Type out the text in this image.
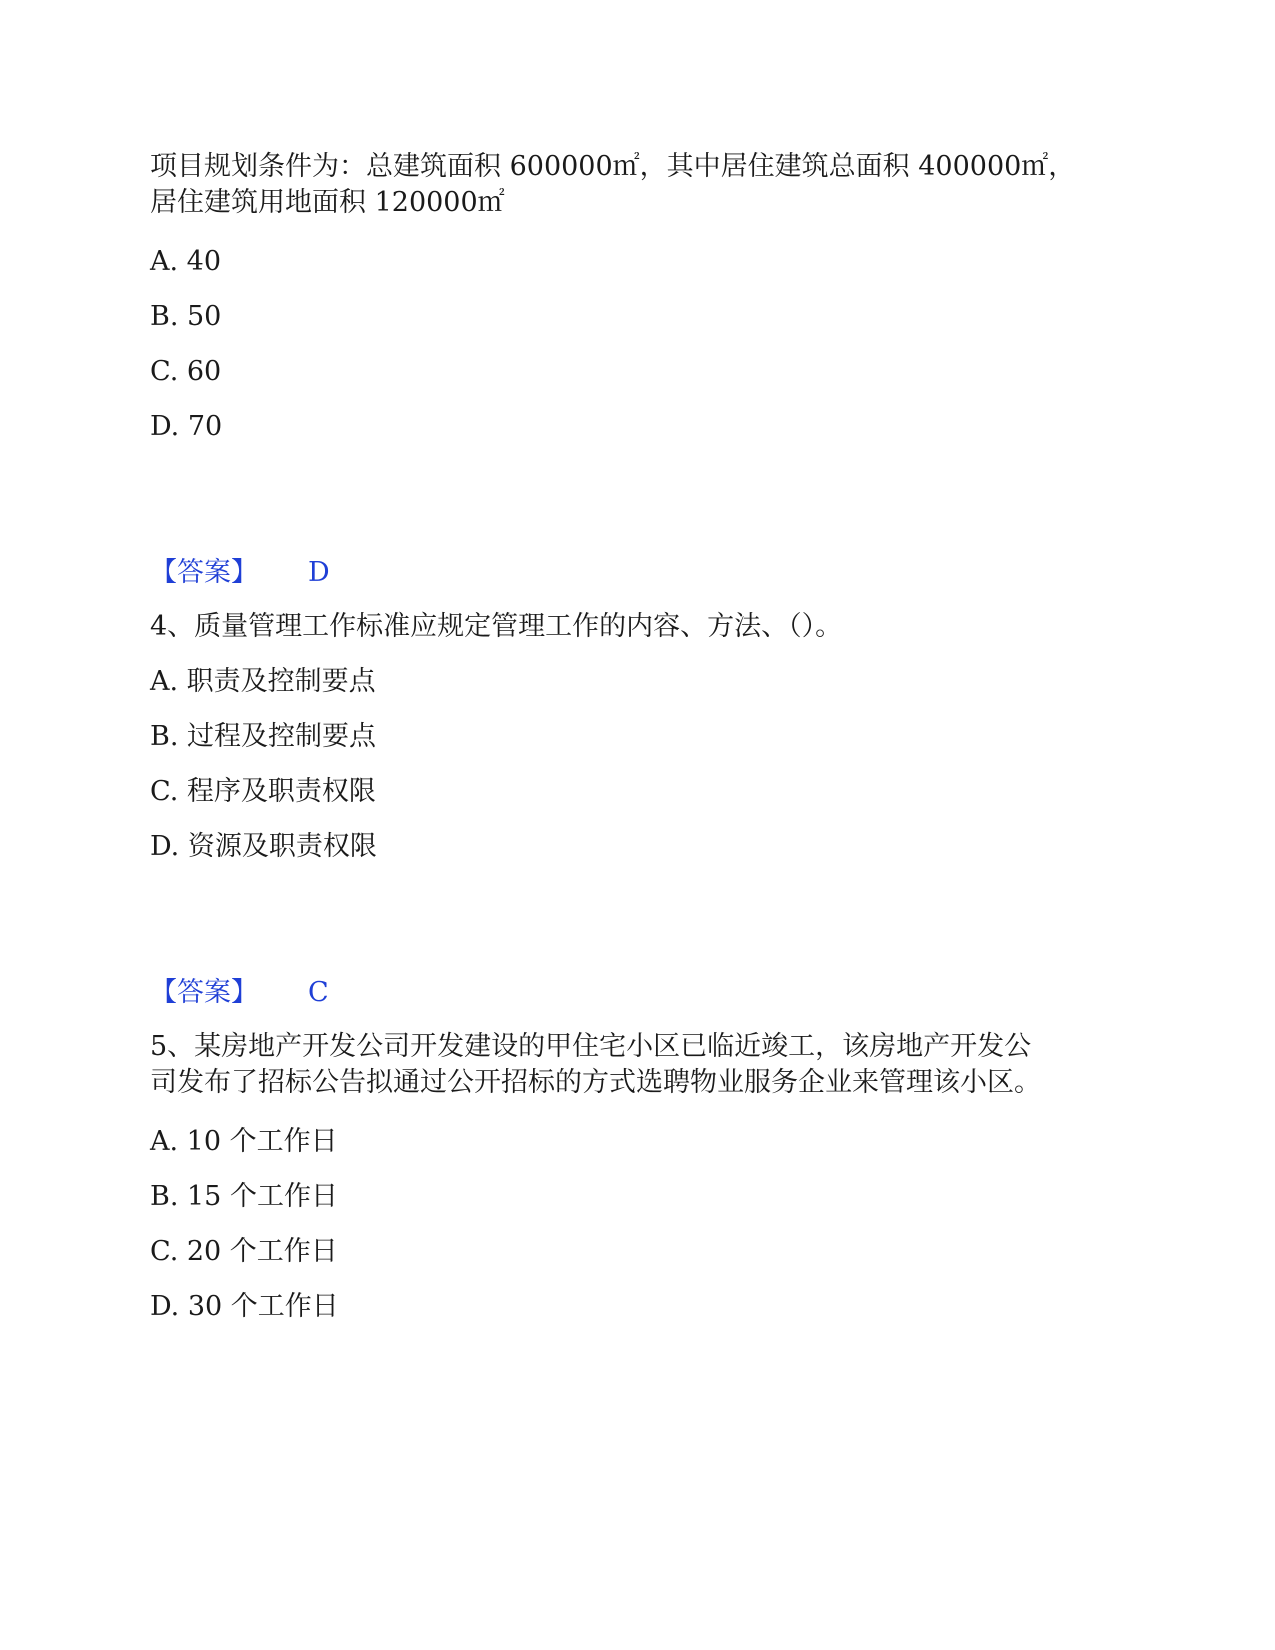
项目规划条件为：总建筑面积 600000㎡，其中居住建筑总面积 400000㎡，
居住建筑用地面积 120000㎡
A. 40
B. 50
C. 60
D. 70
【答案】 D
4、质量管理工作标准应规定管理工作的内容、方法、（）。
A. 职责及控制要点
B. 过程及控制要点
C. 程序及职责权限
D. 资源及职责权限
【答案】 C
5、某房地产开发公司开发建设的甲住宅小区已临近竣工，该房地产开发公
司发布了招标公告拟通过公开招标的方式选聘物业服务企业来管理该小区。
A. 10 个工作日
B. 15 个工作日
C. 20 个工作日
D. 30 个工作日
